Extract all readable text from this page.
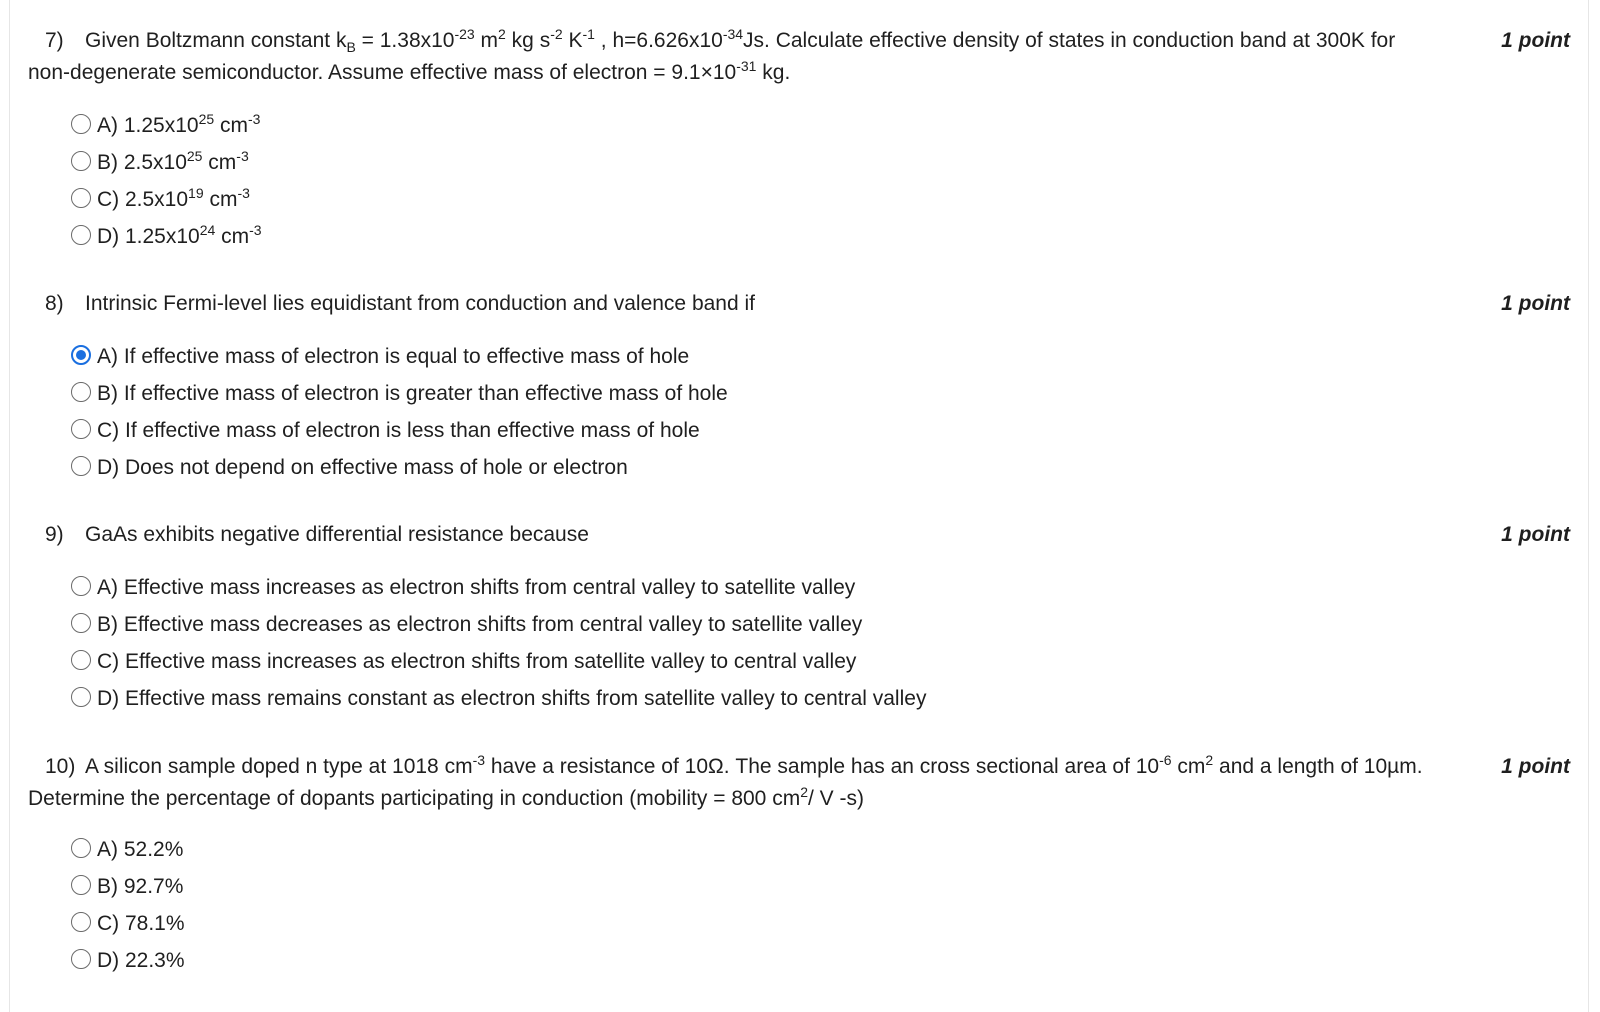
1 point
7) Given Boltzmann constant $k_B = 1.38x10^{-23}$ $m^2$ kg $s^{-2}$ $K^{-1}$ , $h=6.626x10^{-34}Js$. Calculate effective density of states in conduction band at 300K for
non-degenerate semiconductor. Assume effective mass of electron = $9.1\times 10^{-31}$ kg.
A) $1.25x10^{25}$ $cm^{-3}$
B) $2.5x10^{25}$ $cm^{-3}$
C) $2.5x10^{19}$ $cm^{-3}$
D) $1.25x10^{24}$ $cm^{-3}$
8) Intrinsic Fermi-level lies equidistant from conduction and valence band if	1 point
A) If effective mass of electron is equal to effective mass of hole
B) If effective mass of electron is greater than effective mass of hole
C) If effective mass of electron is less than effective mass of hole
D) Does not depend on effective mass of hole or electron
9) GaAs exhibits negative differential resistance because	1 point
A) Effective mass increases as electron shifts from central valley to satellite valley
B) Effective mass decreases as electron shifts from central valley to satellite valley
C) Effective mass increases as electron shifts from satellite valley to central valley
D) Effective mass remains constant as electron shifts from satellite valley to central valley
1 point
10) A silicon sample doped n type at 1018 $cm^{-3}$ have a resistance of 10Ω. The sample has an cross sectional area of $10^{-6}$ $cm^2$ and a length of 10µm.
Determine the percentage of dopants participating in conduction (mobility = 800 $cm^2/$ V -s)
A) 52.2%
B) 92.7%
C) 78.1%
D) 22.3%
